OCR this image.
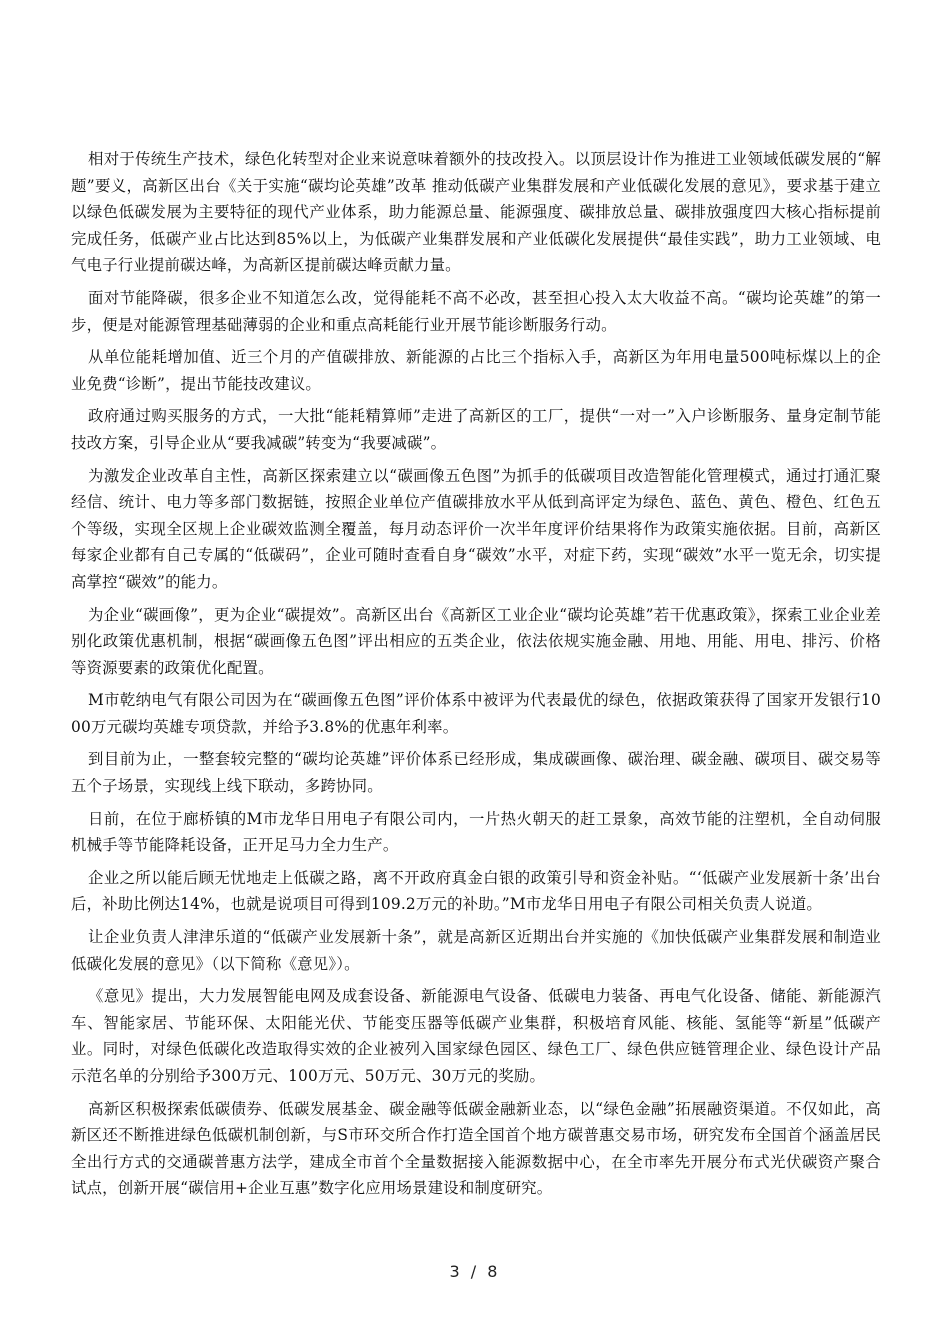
相对于传统生产技术，绿色化转型对企业来说意味着额外的技改投入。以顶层设计作为推进工业领域低碳发展的“解题”要义，高新区出台《关于实施“碳均论英雄”改革 推动低碳产业集群发展和产业低碳化发展的意见》，要求基于建立以绿色低碳发展为主要特征的现代产业体系，助力能源总量、能源强度、碳排放总量、碳排放强度四大核心指标提前完成任务，低碳产业占比达到85%以上，为低碳产业集群发展和产业低碳化发展提供“最佳实践”，助力工业领域、电气电子行业提前碳达峰，为高新区提前碳达峰贡献力量。

面对节能降碳，很多企业不知道怎么改，觉得能耗不高不必改，甚至担心投入太大收益不高。“碳均论英雄”的第一步，便是对能源管理基础薄弱的企业和重点高耗能行业开展节能诊断服务行动。

从单位能耗增加值、近三个月的产值碳排放、新能源的占比三个指标入手，高新区为年用电量500吨标煤以上的企业免费“诊断”，提出节能技改建议。

政府通过购买服务的方式，一大批“能耗精算师”走进了高新区的工厂，提供“一对一”入户诊断服务、量身定制节能技改方案，引导企业从“要我减碳”转变为“我要减碳”。

为激发企业改革自主性，高新区探索建立以“碳画像五色图”为抓手的低碳项目改造智能化管理模式，通过打通汇聚经信、统计、电力等多部门数据链，按照企业单位产值碳排放水平从低到高评定为绿色、蓝色、黄色、橙色、红色五个等级，实现全区规上企业碳效监测全覆盖，每月动态评价一次半年度评价结果将作为政策实施依据。目前，高新区每家企业都有自己专属的“低碳码”，企业可随时查看自身“碳效”水平，对症下药，实现“碳效”水平一览无余，切实提高掌控“碳效”的能力。

为企业“碳画像”，更为企业“碳提效”。高新区出台《高新区工业企业“碳均论英雄”若干优惠政策》，探索工业企业差别化政策优惠机制，根据“碳画像五色图”评出相应的五类企业，依法依规实施金融、用地、用能、用电、排污、价格等资源要素的政策优化配置。

M市乾纳电气有限公司因为在“碳画像五色图”评价体系中被评为代表最优的绿色，依据政策获得了国家开发银行1000万元碳均英雄专项贷款，并给予3.8%的优惠年利率。

到目前为止，一整套较完整的“碳均论英雄”评价体系已经形成，集成碳画像、碳治理、碳金融、碳项目、碳交易等五个子场景，实现线上线下联动，多跨协同。

日前，在位于廊桥镇的M市龙华日用电子有限公司内，一片热火朝天的赶工景象，高效节能的注塑机，全自动伺服机械手等节能降耗设备，正开足马力全力生产。

企业之所以能后顾无忧地走上低碳之路，离不开政府真金白银的政策引导和资金补贴。“‘低碳产业发展新十条’出台后，补助比例达14%，也就是说项目可得到109.2万元的补助。”M市龙华日用电子有限公司相关负责人说道。

让企业负责人津津乐道的“低碳产业发展新十条”，就是高新区近期出台并实施的《加快低碳产业集群发展和制造业低碳化发展的意见》（以下简称《意见》）。

《意见》提出，大力发展智能电网及成套设备、新能源电气设备、低碳电力装备、再电气化设备、储能、新能源汽车、智能家居、节能环保、太阳能光伏、节能变压器等低碳产业集群，积极培育风能、核能、氢能等“新星”低碳产业。同时，对绿色低碳化改造取得实效的企业被列入国家绿色园区、绿色工厂、绿色供应链管理企业、绿色设计产品示范名单的分别给予300万元、100万元、50万元、30万元的奖励。

高新区积极探索低碳债券、低碳发展基金、碳金融等低碳金融新业态，以“绿色金融”拓展融资渠道。不仅如此，高新区还不断推进绿色低碳机制创新，与S市环交所合作打造全国首个地方碳普惠交易市场，研究发布全国首个涵盖居民全出行方式的交通碳普惠方法学，建成全市首个全量数据接入能源数据中心，在全市率先开展分布式光伏碳资产聚合试点，创新开展“碳信用+企业互惠”数字化应用场景建设和制度研究。

3 / 8
